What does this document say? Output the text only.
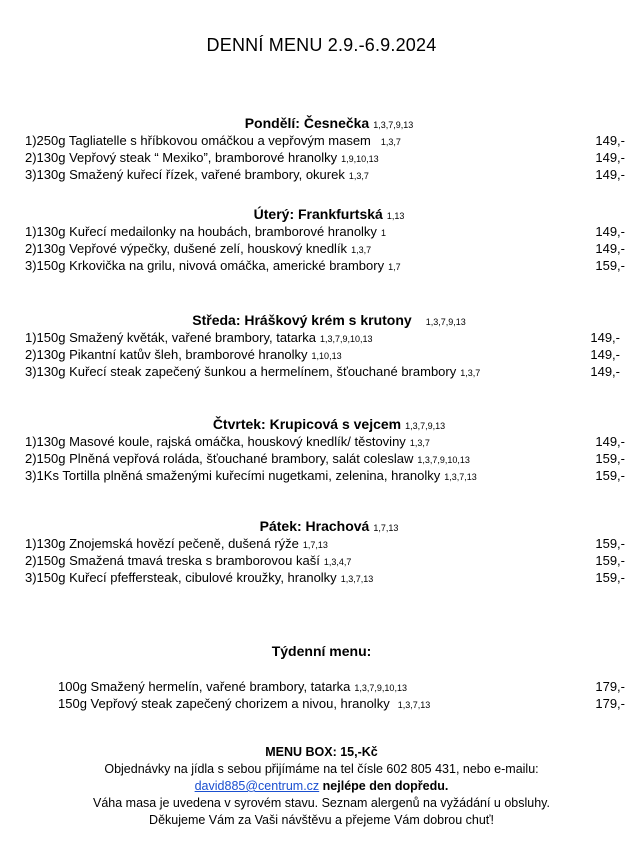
DENNÍ MENU 2.9.-6.9.2024
Pondělí: Česnečka 1,3,7,9,13
1)250g Tagliatelle s hříbkovou omáčkou a vepřovým masem 1,3,7	149,-
2)130g Vepřový steak “ Mexiko”, bramborové hranolky 1,9,10,13	149,-
3)130g Smažený kuřecí řízek, vařené brambory, okurek 1,3,7	149,-
Úterý: Frankfurtská 1,13
1)130g Kuřecí medailonky na houbách, bramborové hranolky 1	149,-
2)130g Vepřové výpečky, dušené zelí, houskový knedlík 1,3,7	149,-
3)150g Krkovička na grilu, nivová omáčka, americké brambory 1,7	159,-
Středa: Hráškový krém s krutony 1,3,7,9,13
1)150g Smažený květák, vařené brambory, tatarka 1,3,7,9,10,13	149,-
2)130g Pikantní katův šleh, bramborové hranolky 1,10,13	149,-
3)130g Kuřecí steak zapečený šunkou a hermelínem, šťouchané brambory 1,3,7	149,-
Čtvrtek: Krupicová s vejcem 1,3,7,9,13
1)130g Masové koule, rajská omáčka, houskový knedlík/ těstoviny 1,3,7	149,-
2)150g Plněná vepřová roláda, šťouchané brambory, salát coleslaw 1,3,7,9,10,13	159,-
3)1Ks Tortilla plněná smaženými kuřecími nugetkami, zelenina, hranolky 1,3,7,13	159,-
Pátek: Hrachová 1,7,13
1)130g Znojemská hovězí pečeně, dušená rýže 1,7,13	159,-
2)150g Smažená tmavá treska s bramborovou kaší 1,3,4,7	159,-
3)150g Kuřecí pfeffersteak, cibulové kroužky, hranolky 1,3,7,13	159,-
Týdenní menu:
100g Smažený hermelín, vařené brambory, tatarka 1,3,7,9,10,13	179,-
150g Vepřový steak zapečený chorizem a nivou, hranolky 1,3,7,13	179,-
MENU BOX: 15,-Kč
Objednávky na jídla s sebou přijímáme na tel čísle 602 805 431, nebo e-mailu:
david885@centrum.cz nejlépe den dopředu.
Váha masa je uvedena v syrovém stavu. Seznam alergenů na vyžádání u obsluhy.
Děkujeme Vám za Vaši návštěvu a přejeme Vám dobrou chuť!
